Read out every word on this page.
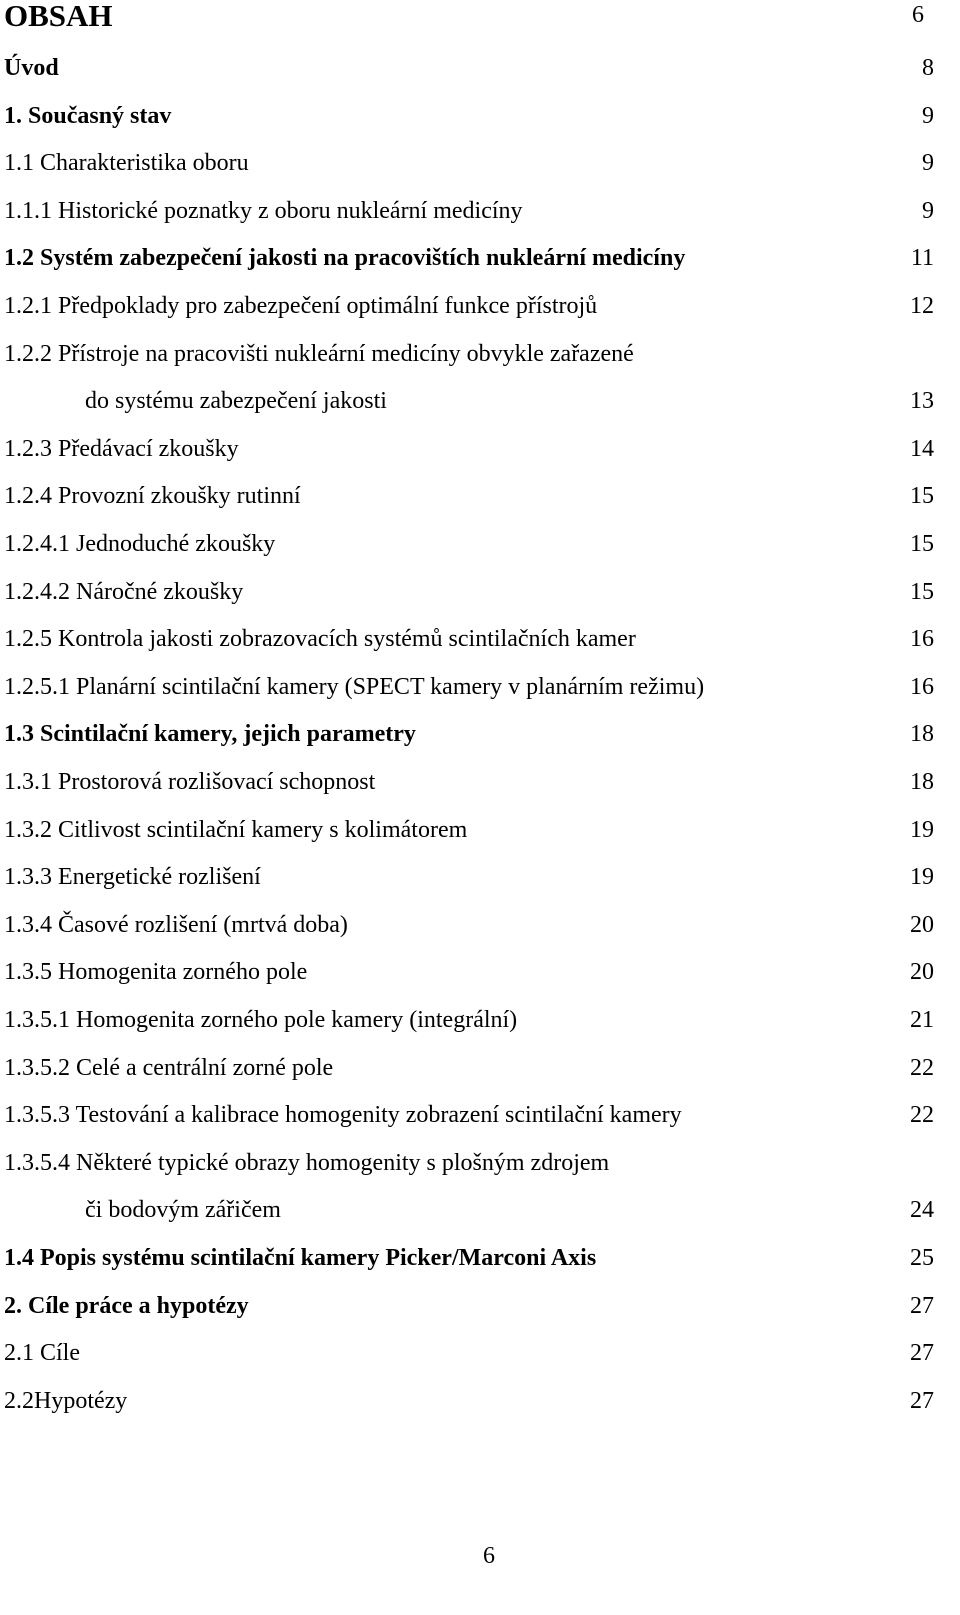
OBSAH	6
Úvod	8
1. Současný stav	9
1.1 Charakteristika oboru	9
1.1.1 Historické poznatky z oboru nukleární medicíny	9
1.2 Systém zabezpečení jakosti na pracovištích nukleární medicíny	11
1.2.1 Předpoklady pro zabezpečení optimální funkce přístrojů	12
1.2.2 Přístroje na pracovišti nukleární medicíny obvykle zařazené
do systému zabezpečení jakosti	13
1.2.3 Předávací zkoušky	14
1.2.4 Provozní zkoušky rutinní	15
1.2.4.1 Jednoduché zkoušky	15
1.2.4.2 Náročné zkoušky	15
1.2.5 Kontrola jakosti zobrazovacích systémů scintilačních kamer	16
1.2.5.1 Planární scintilační kamery (SPECT kamery v planárním režimu)	16
1.3 Scintilační kamery, jejich parametry	18
1.3.1 Prostorová rozlišovací schopnost	18
1.3.2 Citlivost scintilační kamery s kolimátorem	19
1.3.3 Energetické rozlišení	19
1.3.4 Časové rozlišení (mrtvá doba)	20
1.3.5 Homogenita zorného pole	20
1.3.5.1 Homogenita zorného pole kamery (integrální)	21
1.3.5.2 Celé a centrální zorné pole	22
1.3.5.3 Testování a kalibrace homogenity zobrazení scintilační kamery	22
1.3.5.4 Některé typické obrazy homogenity s plošným zdrojem
či bodovým zářičem	24
1.4 Popis systému scintilační kamery Picker/Marconi Axis	25
2. Cíle práce a hypotézy	27
2.1 Cíle	27
2.2Hypotézy	27
6
